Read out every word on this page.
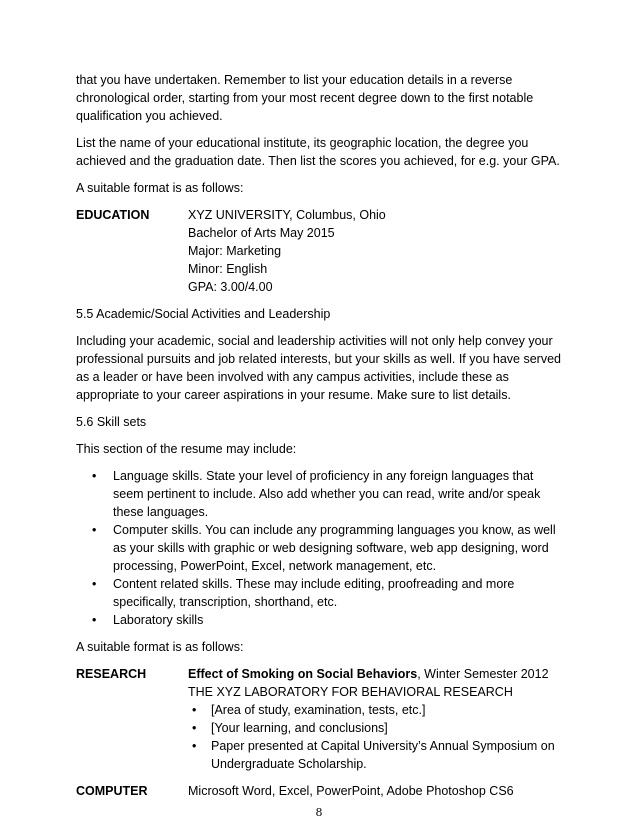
that you have undertaken. Remember to list your education details in a reverse
chronological order, starting from your most recent degree down to the first notable
qualification you achieved.
List the name of your educational institute, its geographic location, the degree you
achieved and the graduation date. Then list the scores you achieved, for e.g. your GPA.
A suitable format is as follows:
EDUCATION	XYZ UNIVERSITY, Columbus, Ohio
Bachelor of Arts May 2015
Major: Marketing
Minor: English
GPA: 3.00/4.00
5.5 Academic/Social Activities and Leadership
Including your academic, social and leadership activities will not only help convey your
professional pursuits and job related interests, but your skills as well. If you have served
as a leader or have been involved with any campus activities, include these as
appropriate to your career aspirations in your resume. Make sure to list details.
5.6 Skill sets
This section of the resume may include:
• Language skills. State your level of proficiency in any foreign languages that
seem pertinent to include. Also add whether you can read, write and/or speak
these languages.
• Computer skills. You can include any programming languages you know, as well
as your skills with graphic or web designing software, web app designing, word
processing, PowerPoint, Excel, network management, etc.
• Content related skills. These may include editing, proofreading and more
specifically, transcription, shorthand, etc.
• Laboratory skills
A suitable format is as follows:
RESEARCH	Effect of Smoking on Social Behaviors, Winter Semester 2012
THE XYZ LABORATORY FOR BEHAVIORAL RESEARCH
• [Area of study, examination, tests, etc.]
• [Your learning, and conclusions]
• Paper presented at Capital University’s Annual Symposium on
Undergraduate Scholarship.
COMPUTER	Microsoft Word, Excel, PowerPoint, Adobe Photoshop CS6
8
